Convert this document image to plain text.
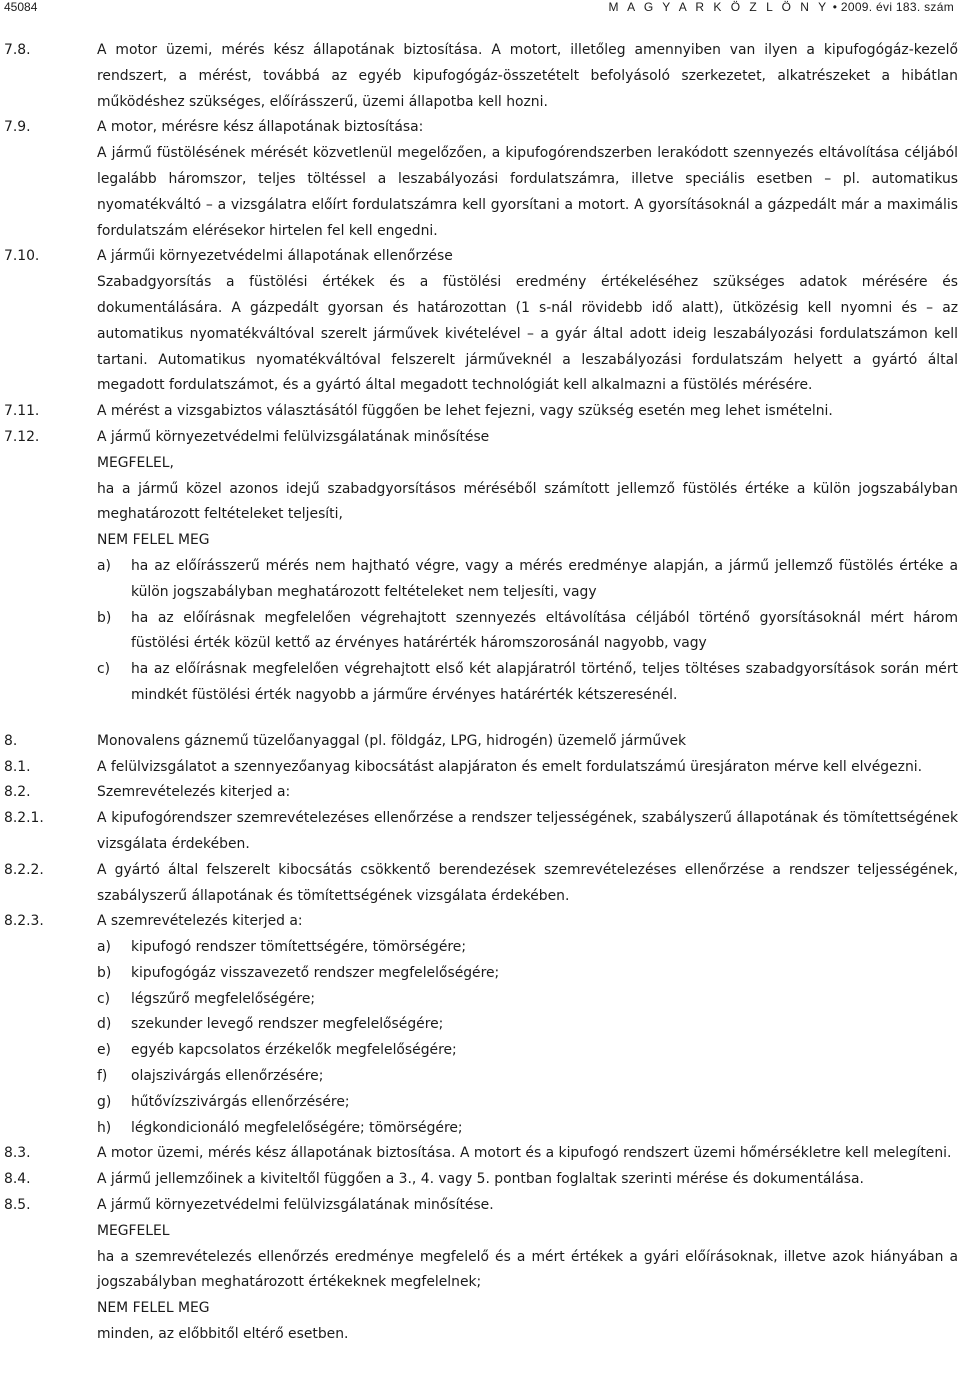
45084	M A G Y A R K Ö Z L Ö N Y • 2009. évi 183. szám
7.8.	A motor üzemi, mérés kész állapotának biztosítása. A motort, illetőleg amennyiben van ilyen a kipufogógáz-kezelő rendszert, a mérést, továbbá az egyéb kipufogógáz-összetételt befolyásoló szerkezetet, alkatrészeket a hibátlan működéshez szükséges, előírásszerű, üzemi állapotba kell hozni.
7.9.	A motor, mérésre kész állapotának biztosítása:
A jármű füstölésének mérését közvetlenül megelőzően, a kipufogórendszerben lerakódott szennyezés eltávolítása céljából legalább háromszor, teljes töltéssel a leszabályozási fordulatszámra, illetve speciális esetben – pl. automatikus nyomatékváltó – a vizsgálatra előírt fordulatszámra kell gyorsítani a motort. A gyorsításoknál a gázpedált már a maximális fordulatszám elérésekor hirtelen fel kell engedni.
7.10.	A járműi környezetvédelmi állapotának ellenőrzése
Szabadgyorsítás a füstölési értékek és a füstölési eredmény értékeléséhez szükséges adatok mérésére és dokumentálására. A gázpedált gyorsan és határozottan (1 s-nál rövidebb idő alatt), ütközésig kell nyomni és – az automatikus nyomatékváltóval szerelt járművek kivételével – a gyár által adott ideig leszabályozási fordulatszámon kell tartani. Automatikus nyomatékváltóval felszerelt járműveknél a leszabályozási fordulatszám helyett a gyártó által megadott fordulatszámot, és a gyártó által megadott technológiát kell alkalmazni a füstölés mérésére.
7.11.	A mérést a vizsgabiztos választásától függően be lehet fejezni, vagy szükség esetén meg lehet ismételni.
7.12.	A jármű környezetvédelmi felülvizsgálatának minősítése
MEGFELEL,
ha a jármű közel azonos idejű szabadgyorsításos méréséből számított jellemző füstölés értéke a külön jogszabályban meghatározott feltételeket teljesíti,
NEM FELEL MEG
a) ha az előírásszerű mérés nem hajtható végre, vagy a mérés eredménye alapján, a jármű jellemző füstölés értéke a külön jogszabályban meghatározott feltételeket nem teljesíti, vagy
b) ha az előírásnak megfelelően végrehajtott szennyezés eltávolítása céljából történő gyorsításoknál mért három füstölési érték közül kettő az érvényes határérték háromszorosánál nagyobb, vagy
c) ha az előírásnak megfelelően végrehajtott első két alapjáratról történő, teljes töltéses szabadgyorsítások során mért mindkét füstölési érték nagyobb a járműre érvényes határérték kétszeresénél.
8.	Monovalens gáznemű tüzelőanyaggal (pl. földgáz, LPG, hidrogén) üzemelő járművek
8.1.	A felülvizsgálatot a szennyezőanyag kibocsátást alapjáraton és emelt fordulatszámú üresjáraton mérve kell elvégezni.
8.2.	Szemrevételezés kiterjed a:
8.2.1.	A kipufogórendszer szemrevételezéses ellenőrzése a rendszer teljességének, szabályszerű állapotának és tömítettségének vizsgálata érdekében.
8.2.2.	A gyártó által felszerelt kibocsátás csökkentő berendezések szemrevételezéses ellenőrzése a rendszer teljességének, szabályszerű állapotának és tömítettségének vizsgálata érdekében.
8.2.3.	A szemrevételezés kiterjed a:
a) kipufogó rendszer tömítettségére, tömörségére;
b) kipufogógáz visszavezető rendszer megfelelőségére;
c) légszűrő megfelelőségére;
d) szekunder levegő rendszer megfelelőségére;
e) egyéb kapcsolatos érzékelők megfelelőségére;
f) olajszivárgás ellenőrzésére;
g) hűtővízszivárgás ellenőrzésére;
h) légkondicionáló megfelelőségére; tömörségére;
8.3.	A motor üzemi, mérés kész állapotának biztosítása. A motort és a kipufogó rendszert üzemi hőmérsékletre kell melegíteni.
8.4.	A jármű jellemzőinek a kiviteltől függően a 3., 4. vagy 5. pontban foglaltak szerinti mérése és dokumentálása.
8.5.	A jármű környezetvédelmi felülvizsgálatának minősítése.
MEGFELEL
ha a szemrevételezés ellenőrzés eredménye megfelelő és a mért értékek a gyári előírásoknak, illetve azok hiányában a jogszabályban meghatározott értékeknek megfelelnek;
NEM FELEL MEG
minden, az előbbitől eltérő esetben.
